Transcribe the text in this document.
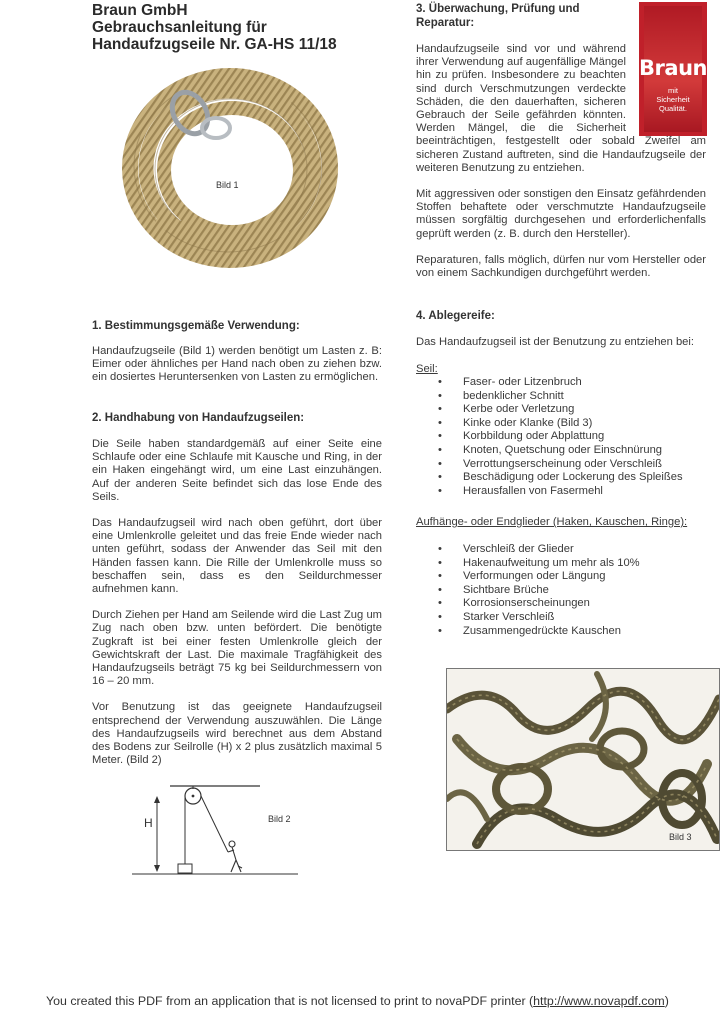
Braun GmbH
Gebrauchsanleitung für
Handaufzugseile Nr. GA-HS 11/18
Bild 1
1. Bestimmungsgemäße Verwendung:

Handaufzugseile (Bild 1) werden benötigt um Lasten z. B: Eimer oder ähnliches per Hand nach oben zu ziehen bzw. ein dosiertes Heruntersenken von Lasten zu ermöglichen.

2. Handhabung von Handaufzugseilen:

Die Seile haben standardgemäß auf einer Seite eine Schlaufe oder eine Schlaufe mit Kausche und Ring, in der ein Haken eingehängt wird, um eine Last einzuhängen. Auf der anderen Seite befindet sich das lose Ende des Seils.

Das Handaufzugseil wird nach oben geführt, dort über eine Umlenkrolle geleitet und das freie Ende wieder nach unten geführt, sodass der Anwender das Seil mit den Händen fassen kann. Die Rille der Umlenkrolle muss so beschaffen sein, dass es den Seildurchmesser aufnehmen kann.

Durch Ziehen per Hand am Seilende wird die Last Zug um Zug nach oben bzw. unten befördert. Die benötigte Zugkraft ist bei einer festen Umlenkrolle gleich der Gewichtskraft der Last. Die maximale Tragfähigkeit des Handaufzugseils beträgt 75 kg bei Seildurchmessern von 16 – 20 mm.

Vor Benutzung ist das geeignete Handaufzugseil entsprechend der Verwendung auszuwählen. Die Länge des Handaufzugseils wird berechnet aus dem Abstand des Bodens zur Seilrolle (H) x 2 plus zusätzlich maximal 5 Meter. (Bild 2)

H	Bild 2
3. Überwachung, Prüfung und
Reparatur:
Braun
mit
Sicherheit
Qualität.

Handaufzugseile sind vor und während ihrer Verwendung auf augenfällige Mängel hin zu prüfen. Insbesondere zu beachten sind durch Verschmutzungen verdeckte Schäden, die den dauerhaften, sicheren Gebrauch der Seile gefährden könnten. Werden Mängel, die die Sicherheit beeinträchtigen, festgestellt oder sobald Zweifel am sicheren Zustand auftreten, sind die Handaufzugseile der weiteren Benutzung zu entziehen.

Mit aggressiven oder sonstigen den Einsatz gefährdenden Stoffen behaftete oder verschmutzte Handaufzugseile müssen sorgfältig durchgesehen und erforderlichenfalls geprüft werden (z. B. durch den Hersteller).

Reparaturen, falls möglich, dürfen nur vom Hersteller oder von einem Sachkundigen durchgeführt werden.

4. Ablegereife:
Das Handaufzugseil ist der Benutzung zu entziehen bei:
Seil:
• Faser- oder Litzenbruch
• bedenklicher Schnitt
• Kerbe oder Verletzung
• Kinke oder Klanke (Bild 3)
• Korbbildung oder Abplattung
• Knoten, Quetschung oder Einschnürung
• Verrottungserscheinung oder Verschleiß
• Beschädigung oder Lockerung des Spleißes
• Herausfallen von Fasermehl
Aufhänge- oder Endglieder (Haken, Kauschen, Ringe):
• Verschleiß der Glieder
• Hakenaufweitung um mehr als 10%
• Verformungen oder Längung
• Sichtbare Brüche
• Korrosionserscheinungen
• Starker Verschleiß
• Zusammengedrückte Kauschen
Bild 3
You created this PDF from an application that is not licensed to print to novaPDF printer (http://www.novapdf.com)
